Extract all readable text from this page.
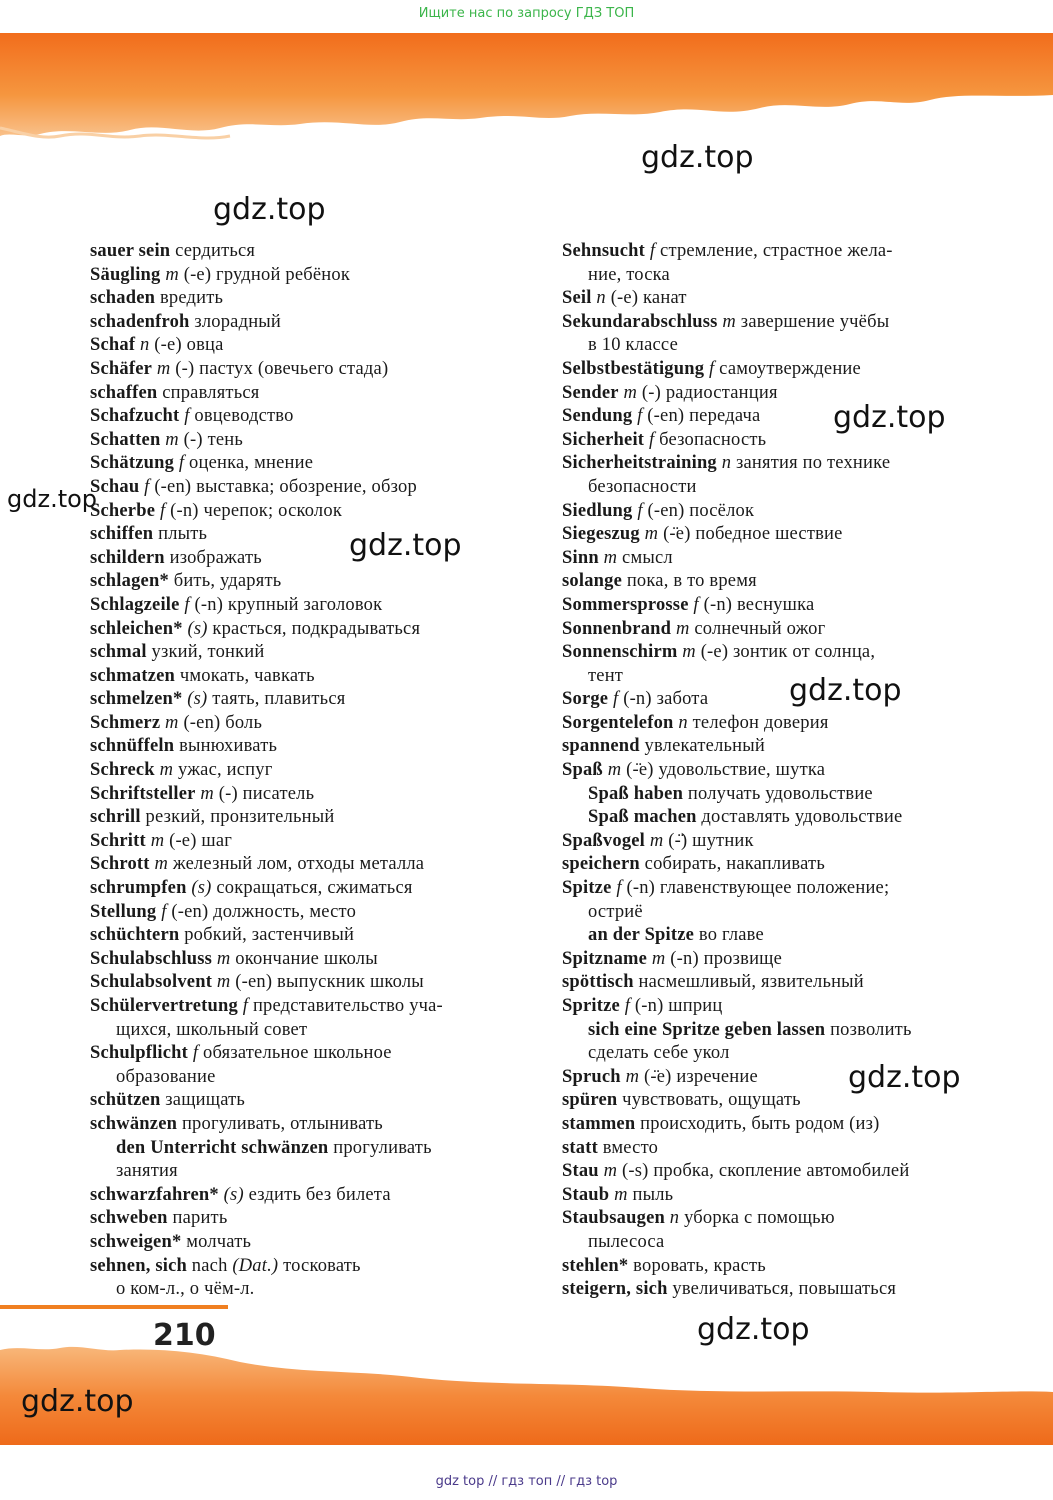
Ищите нас по запросу ГДЗ ТОП
210
gdz.top
gdz.top
gdz.top
gdz.top
gdz.top
gdz.top
gdz.top
gdz.top
gdz.top
sauer sein сердиться
Säugling m (-e) грудной ребёнок
schaden вредить
schadenfroh злорадный
Schaf n (-e) овца
Schäfer m (-) пастух (овечьего стада)
schaffen справляться
Schafzucht f овцеводство
Schatten m (-) тень
Schätzung f оценка, мнение
Schau f (-en) выставка; обозрение, обзор
Scherbe f (-n) черепок; осколок
schiffen плыть
schildern изображать
schlagen* бить, ударять
Schlagzeile f (-n) крупный заголовок
schleichen* (s) красться, подкрадываться
schmal узкий, тонкий
schmatzen чмокать, чавкать
schmelzen* (s) таять, плавиться
Schmerz m (-en) боль
schnüffeln вынюхивать
Schreck m ужас, испуг
Schriftsteller m (-) писатель
schrill резкий, пронзительный
Schritt m (-e) шаг
Schrott m железный лом, отходы металла
schrumpfen (s) сокращаться, сжиматься
Stellung f (-en) должность, место
schüchtern робкий, застенчивый
Schulabschluss m окончание школы
Schulabsolvent m (-en) выпускник школы
Schülervertretung f представительство уча-
щихся, школьный совет
Schulpflicht f обязательное школьное
образование
schützen защищать
schwänzen прогуливать, отлынивать
den Unterricht schwänzen прогуливать
занятия
schwarzfahren* (s) ездить без билета
schweben парить
schweigen* молчать
sehnen, sich nach (Dat.) тосковать
о ком-л., о чём-л.
Sehnsucht f стремление, страстное жела-
ние, тоска
Seil n (-e) канат
Sekundarabschluss m завершение учёбы
в 10 классе
Selbstbestätigung f самоутверждение
Sender m (-) радиостанция
Sendung f (-en) передача
Sicherheit f безопасность
Sicherheitstraining n занятия по технике
безопасности
Siedlung f (-en) посёлок
Siegeszug m (-̈e) победное шествие
Sinn m смысл
solange пока, в то время
Sommersprosse f (-n) веснушка
Sonnenbrand m солнечный ожог
Sonnenschirm m (-e) зонтик от солнца,
тент
Sorge f (-n) забота
Sorgentelefon n телефон доверия
spannend увлекательный
Spaß m (-̈e) удовольствие, шутка
Spaß haben получать удовольствие
Spaß machen доставлять удовольствие
Spaßvogel m (-̈) шутник
speichern собирать, накапливать
Spitze f (-n) главенствующее положение;
остриё
an der Spitze во главе
Spitzname m (-n) прозвище
spöttisch насмешливый, язвительный
Spritze f (-n) шприц
sich eine Spritze geben lassen позволить
сделать себе укол
Spruch m (-̈e) изречение
spüren чувствовать, ощущать
stammen происходить, быть родом (из)
statt вместо
Stau m (-s) пробка, скопление автомобилей
Staub m пыль
Staubsaugen n уборка с помощью
пылесоса
stehlen* воровать, красть
steigern, sich увеличиваться, повышаться
gdz top // гдз топ // гдз top
